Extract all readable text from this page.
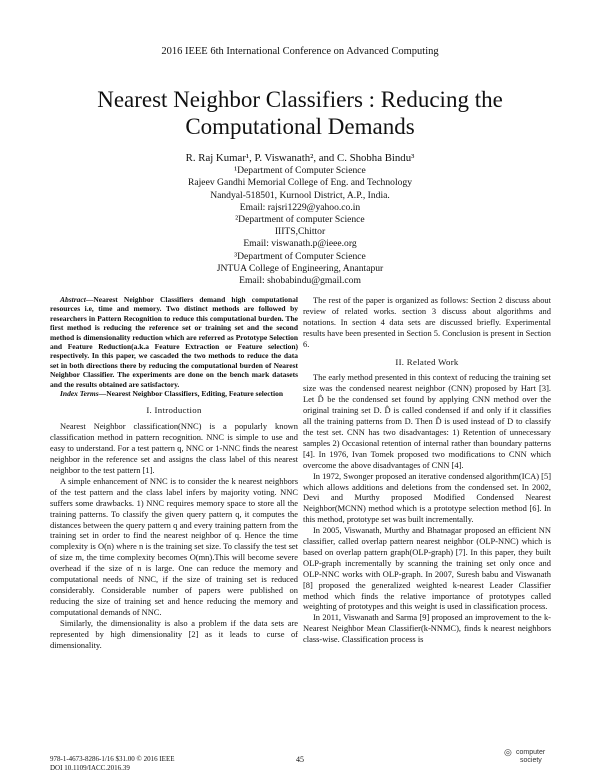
2016 IEEE 6th International Conference on Advanced Computing
Nearest Neighbor Classifiers : Reducing the
Computational Demands
R. Raj Kumar¹, P. Viswanath², and C. Shobha Bindu³
¹Department of Computer Science
Rajeev Gandhi Memorial College of Eng. and Technology
Nandyal-518501, Kurnool District, A.P., India.
Email: rajsri1229@yahoo.co.in
²Department of computer Science
IIITS,Chittor
Email: viswanath.p@ieee.org
³Department of Computer Science
JNTUA College of Engineering, Anantapur
Email: shobabindu@gmail.com

Abstract—Nearest Neighbor Classifiers demand high computational resources i.e, time and memory. Two distinct methods are followed by researchers in Pattern Recognition to reduce this computational burden. The first method is reducing the reference set or training set and the second method is dimensionality reduction which are referred as Prototype Selection and Feature Reduction(a.k.a Feature Extraction or Feature selection) respectively. In this paper, we cascaded the two methods to reduce the data set in both directions there by reducing the computational burden of Nearest Neighbor Classifier. The experiments are done on the bench mark datasets and the results obtained are satisfactory.

Index Terms—Nearest Neighbor Classifiers, Editing, Feature selection

I. Introduction

Nearest Neighbor classification(NNC) is a popularly known classification method in pattern recognition. NNC is simple to use and easy to understand. For a test pattern q, NNC or 1-NNC finds the nearest neighbor in the reference set and assigns the class label of this nearest neighbor to the test pattern [1].

A simple enhancement of NNC is to consider the k nearest neighbors of the test pattern and the class label infers by majority voting. NNC suffers some drawbacks. 1) NNC requires memory space to store all the training patterns. To classify the given query pattern q, it computes the distances between the query pattern q and every training pattern from the training set in order to find the nearest neighbor of q. Hence the time complexity is O(n) where n is the training set size. To classify the test set of size m, the time complexity becomes O(mn).This will become severe overhead if the size of n is large. One can reduce the memory and computational needs of NNC, if the size of training set is reduced considerably. Considerable number of papers were published on reducing the size of training set and hence reducing the memory and computational demands of NNC.

Similarly, the dimensionality is also a problem if the data sets are represented by high dimensionality [2] as it leads to curse of dimensionality.

The rest of the paper is organized as follows: Section 2 discuss about review of related works. section 3 discuss about algorithms and notations. In section 4 data sets are discussed briefly. Experimental results have been presented in Section 5. Conclusion is present in Section 6.

II. Related Work

The early method presented in this context of reducing the training set size was the condensed nearest neighbor (CNN) proposed by Hart [3]. Let D̂ be the condensed set found by applying CNN method over the original training set D. D̂ is called condensed if and only if it classifies all the training patterns from D. Then D̂ is used instead of D to classify the test set. CNN has two disadvantages: 1) Retention of unnecessary samples 2) Occasional retention of internal rather than boundary patterns [4]. In 1976, Ivan Tomek proposed two modifications to CNN which overcome the above disadvantages of CNN [4].

In 1972, Swonger proposed an iterative condensed algorithm(ICA) [5] which allows additions and deletions from the condensed set. In 2002, Devi and Murthy proposed Modified Condensed Nearest Neighbor(MCNN) method which is a prototype selection method [6]. In this method, prototype set was built incrementally.

In 2005, Viswanath, Murthy and Bhatnagar proposed an efficient NN classifier, called overlap pattern nearest neighbor (OLP-NNC) which is based on overlap pattern graph(OLP-graph) [7]. In this paper, they built OLP-graph incrementally by scanning the training set only once and OLP-NNC works with OLP-graph. In 2007, Suresh babu and Viswanath [8] proposed the generalized weighted k-nearest Leader Classifier method which finds the relative importance of prototypes called weighting of prototypes and this weight is used in classification process.

In 2011, Viswanath and Sarma [9] proposed an improvement to the k-Nearest Neighbor Mean Classifier(k-NNMC), finds k nearest neighbors class-wise. Classification process is

978-1-4673-8286-1/16 $31.00 © 2016 IEEE
DOI 10.1109/IACC.2016.39
45
◎ computer
society
